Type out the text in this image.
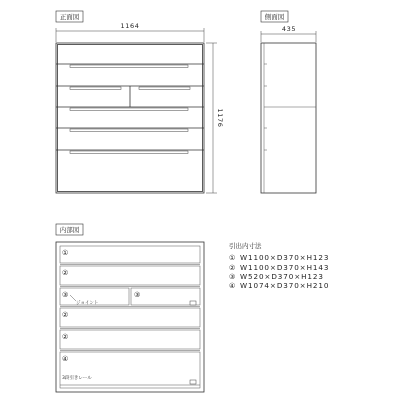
正面図
1164
1176
側面図
435
内部図
①
②
③	③
②
②
④
ジョイント
3段引きレール
引出内寸法
① W1100×D370×H123
② W1100×D370×H143
③ W520×D370×H123
④ W1074×D370×H210
